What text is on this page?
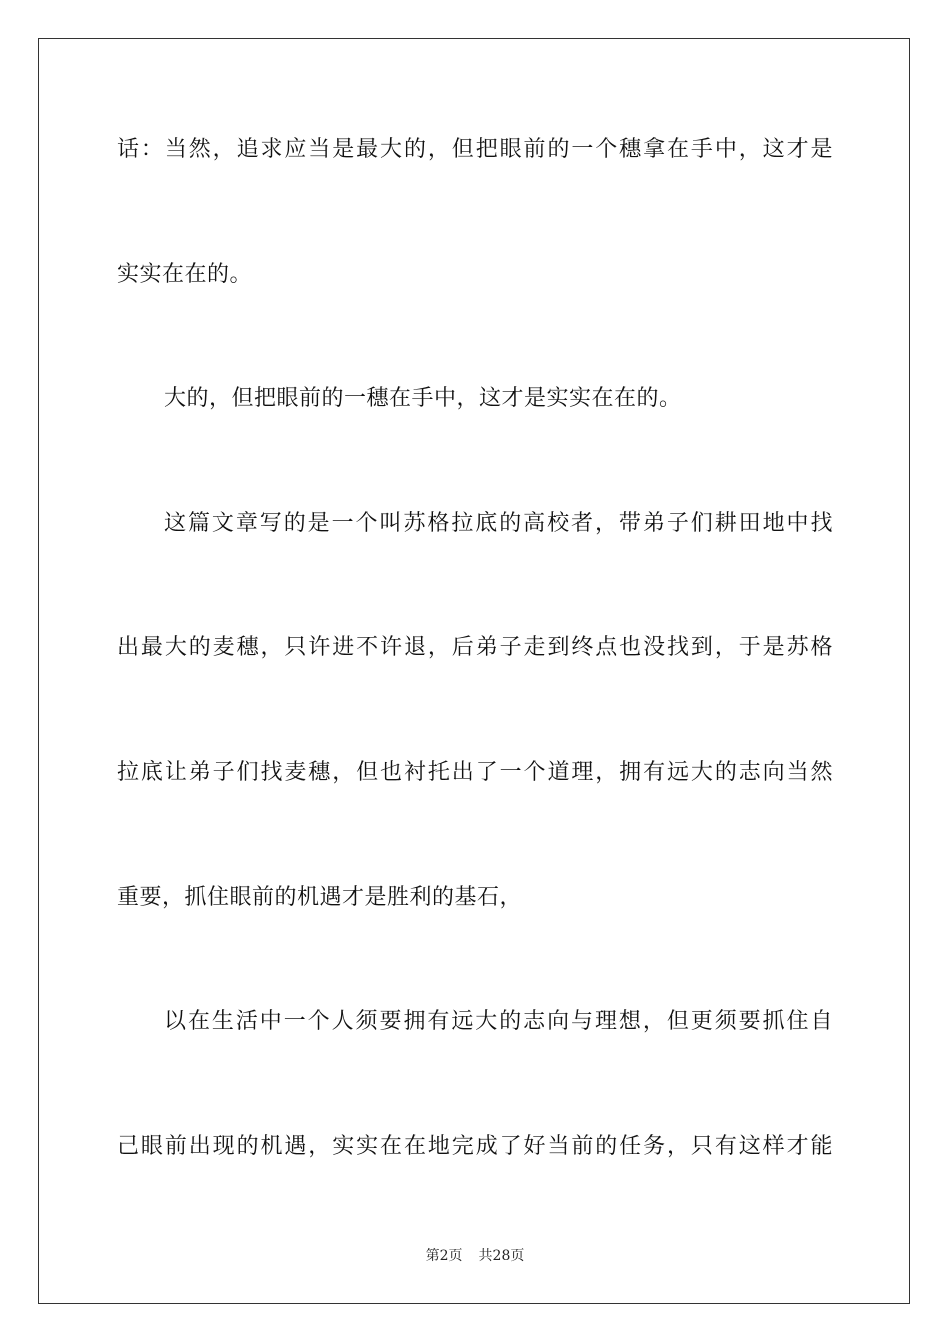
话：当然，追求应当是最大的，但把眼前的一个穗拿在手中，这才是
实实在在的。
大的，但把眼前的一穗在手中，这才是实实在在的。
这篇文章写的是一个叫苏格拉底的高校者，带弟子们耕田地中找
出最大的麦穗，只许进不许退，后弟子走到终点也没找到，于是苏格
拉底让弟子们找麦穗，但也衬托出了一个道理，拥有远大的志向当然
重要，抓住眼前的机遇才是胜利的基石，
以在生活中一个人须要拥有远大的志向与理想，但更须要抓住自
己眼前出现的机遇，实实在在地完成了好当前的任务，只有这样才能
第2页 共28页
